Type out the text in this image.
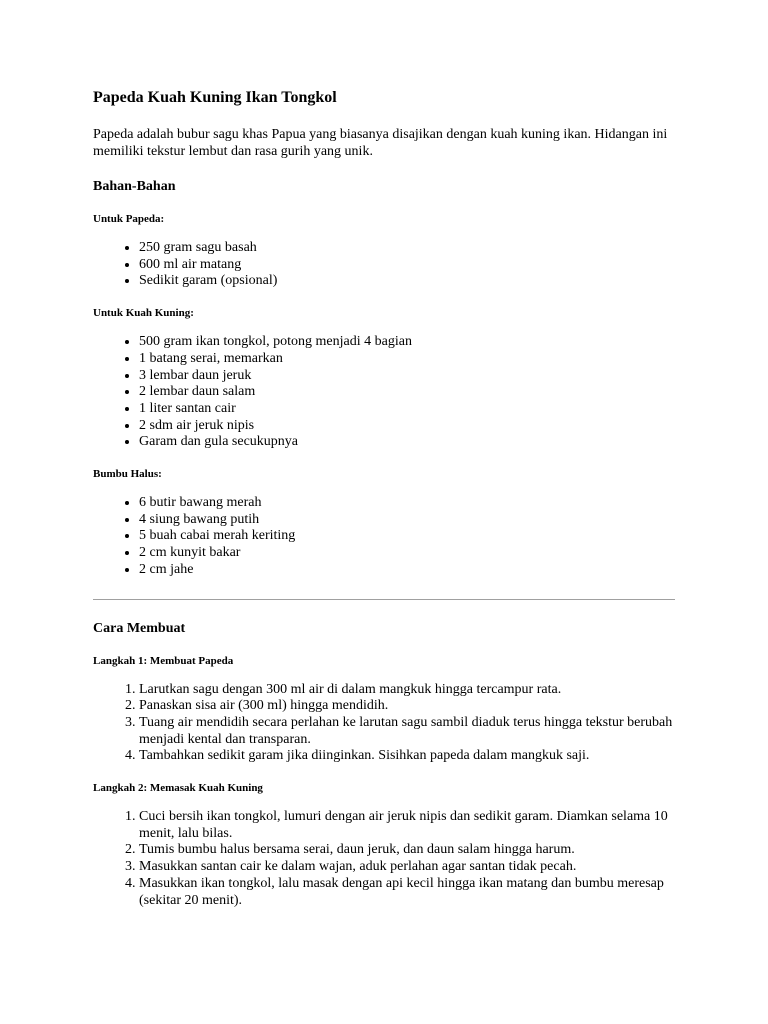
Papeda Kuah Kuning Ikan Tongkol

Papeda adalah bubur sagu khas Papua yang biasanya disajikan dengan kuah kuning ikan. Hidangan ini memiliki tekstur lembut dan rasa gurih yang unik.

Bahan-Bahan
Untuk Papeda:
• 250 gram sagu basah
• 600 ml air matang
• Sedikit garam (opsional)
Untuk Kuah Kuning:
• 500 gram ikan tongkol, potong menjadi 4 bagian
• 1 batang serai, memarkan
• 3 lembar daun jeruk
• 2 lembar daun salam
• 1 liter santan cair
• 2 sdm air jeruk nipis
• Garam dan gula secukupnya
Bumbu Halus:
• 6 butir bawang merah
• 4 siung bawang putih
• 5 buah cabai merah keriting
• 2 cm kunyit bakar
• 2 cm jahe
Cara Membuat
Langkah 1: Membuat Papeda
1. Larutkan sagu dengan 300 ml air di dalam mangkuk hingga tercampur rata.
2. Panaskan sisa air (300 ml) hingga mendidih.
3. Tuang air mendidih secara perlahan ke larutan sagu sambil diaduk terus hingga tekstur berubah menjadi kental dan transparan.
4. Tambahkan sedikit garam jika diinginkan. Sisihkan papeda dalam mangkuk saji.
Langkah 2: Memasak Kuah Kuning
1. Cuci bersih ikan tongkol, lumuri dengan air jeruk nipis dan sedikit garam. Diamkan selama 10 menit, lalu bilas.
2. Tumis bumbu halus bersama serai, daun jeruk, dan daun salam hingga harum.
3. Masukkan santan cair ke dalam wajan, aduk perlahan agar santan tidak pecah.
4. Masukkan ikan tongkol, lalu masak dengan api kecil hingga ikan matang dan bumbu meresap (sekitar 20 menit).
